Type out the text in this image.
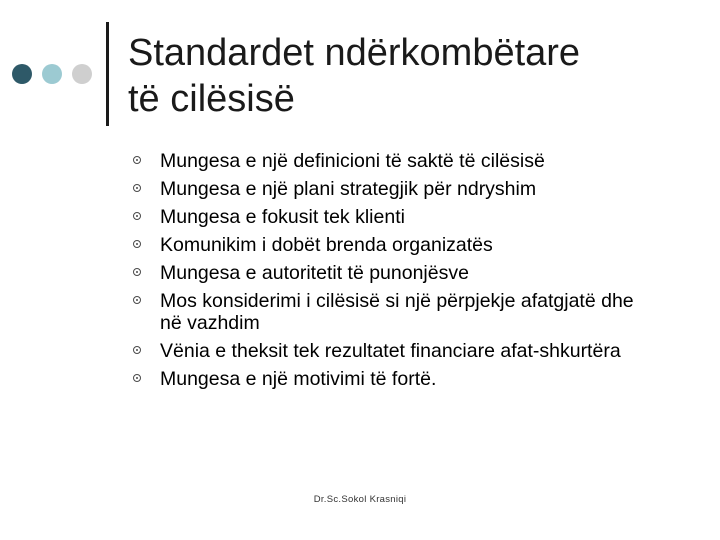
Standardet ndërkombëtare
të cilësisë
Mungesa e një definicioni të saktë të cilësisë
Mungesa e një plani strategjik për ndryshim
Mungesa e fokusit tek klienti
Komunikim i dobët brenda organizatës
Mungesa e autoritetit të punonjësve
Mos konsiderimi i cilësisë si një përpjekje afatgjatë dhe në vazhdim
Vënia e theksit tek rezultatet financiare afat-shkurtëra
Mungesa e një motivimi të fortë.
Dr.Sc.Sokol Krasniqi
